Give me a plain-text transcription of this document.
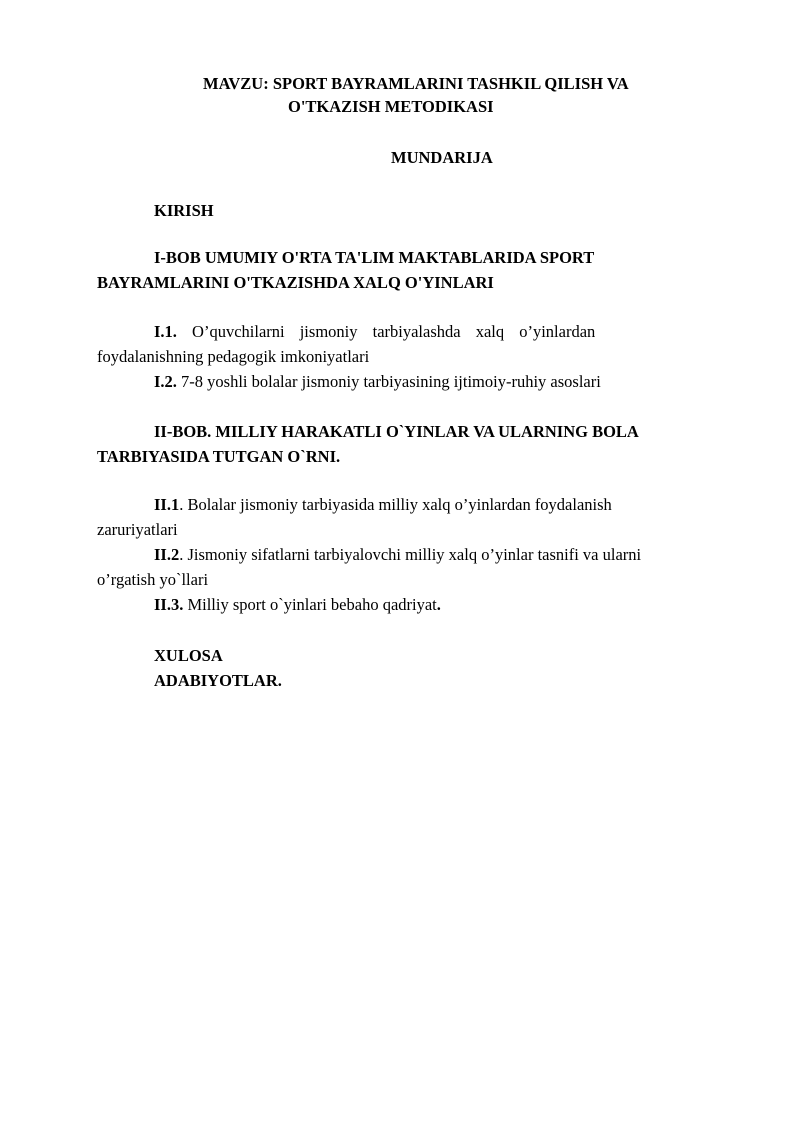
MAVZU: SPORT BAYRAMLARINI TASHKIL QILISH VA
O'TKAZISH METODIKASI
MUNDARIJA
KIRISH
I-BOB UMUMIY O'RTA TA'LIM MAKTABLARIDA SPORT
BAYRAMLARINI O'TKAZISHDA XALQ O'YINLARI
I.1. O’quvchilarni jismoniy tarbiyalashda xalq o’yinlardan
foydalanishning pedagogik imkoniyatlari
I.2. 7-8 yoshli bolalar jismoniy tarbiyasining ijtimoiy-ruhiy asoslari
II-BOB. MILLIY HARAKATLI O`YINLAR VA ULARNING BOLA
TARBIYASIDA TUTGAN O`RNI.
II.1. Bolalar jismoniy tarbiyasida milliy xalq o’yinlardan foydalanish
zaruriyatlari
II.2. Jismoniy sifatlarni tarbiyalovchi milliy xalq o’yinlar tasnifi va ularni
o’rgatish yo`llari
II.3. Milliy sport o`yinlari bebaho qadriyat.
XULOSA
ADABIYOTLAR.
